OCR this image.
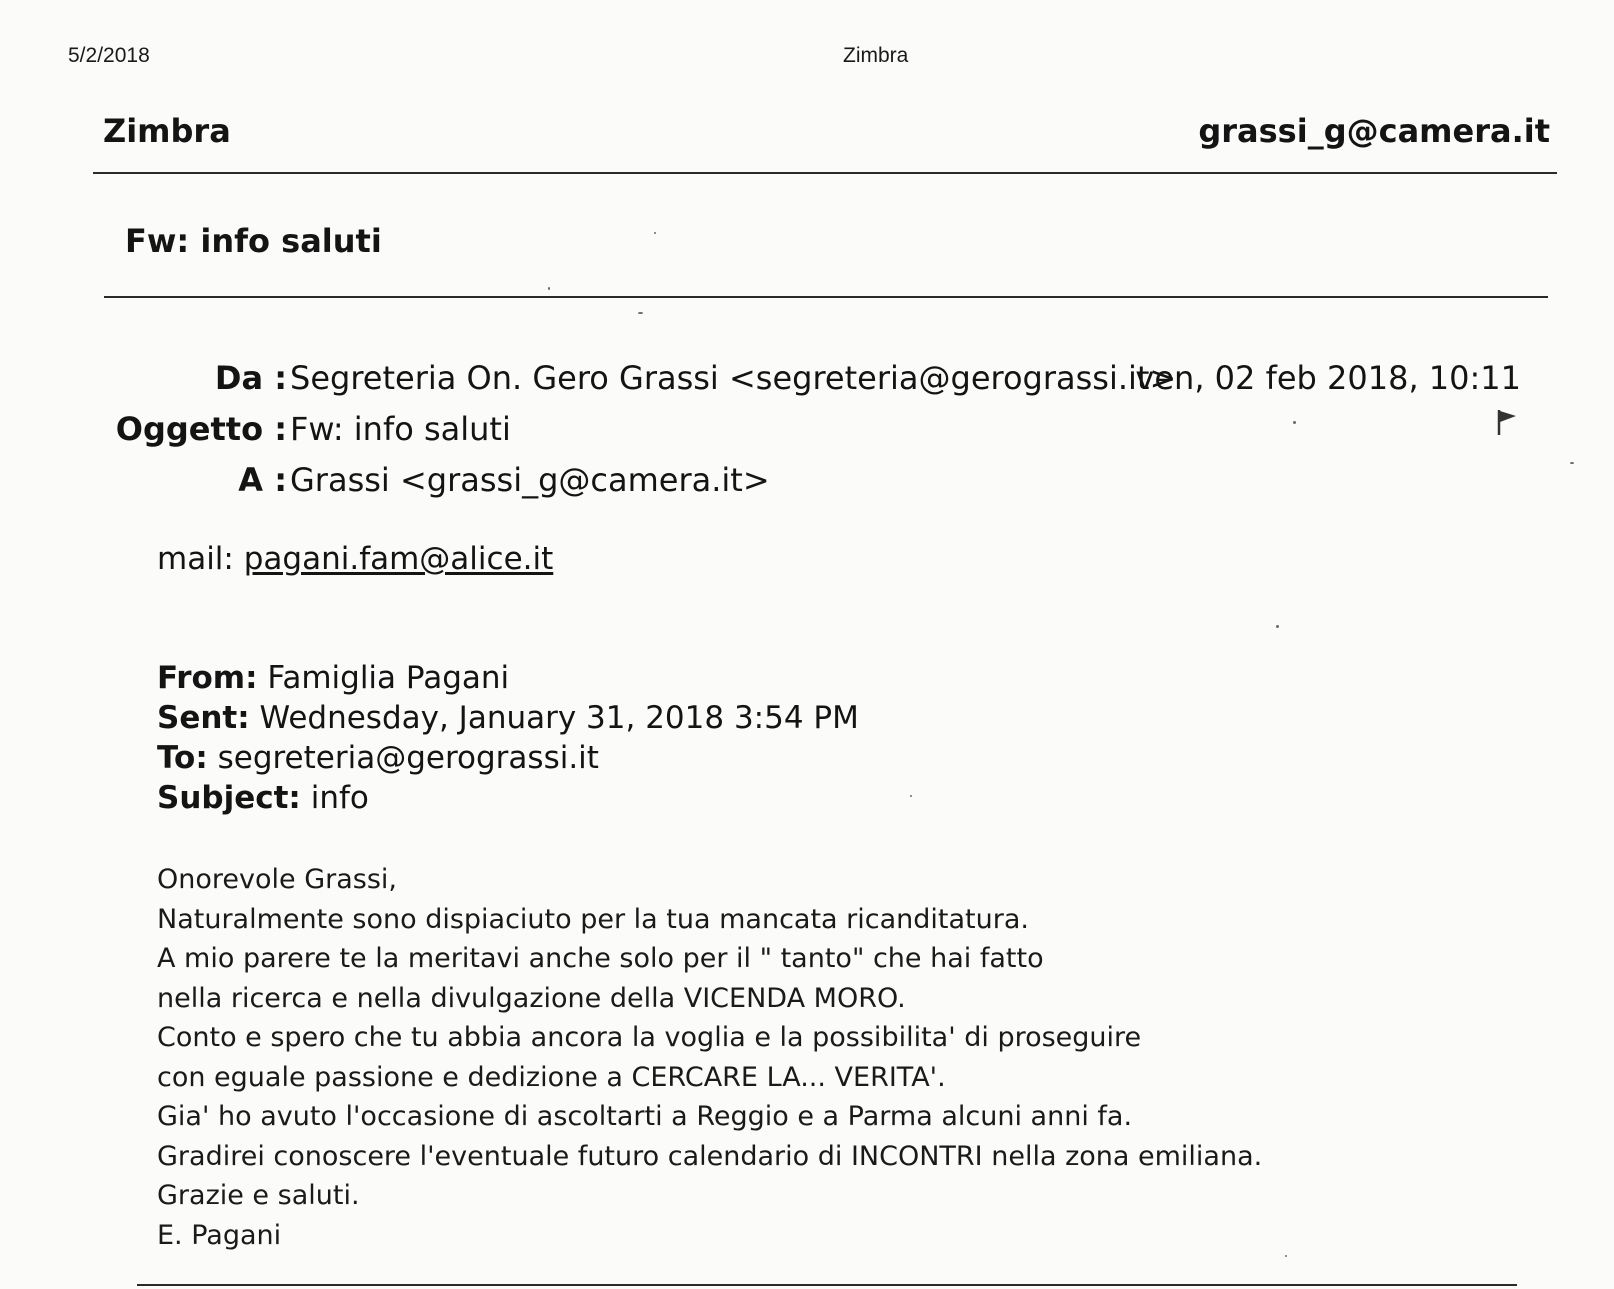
5/2/2018	Zimbra
Zimbra	grassi_g@camera.it
Fw: info saluti
Da : Segreteria On. Gero Grassi <segreteria@gerograssi.it>
ven, 02 feb 2018, 10:11
Oggetto : Fw: info saluti
A : Grassi <grassi_g@camera.it>
mail: pagani.fam@alice.it
From: Famiglia Pagani
Sent: Wednesday, January 31, 2018 3:54 PM
To: segreteria@gerograssi.it
Subject: info
Onorevole Grassi,
Naturalmente sono dispiaciuto per la tua mancata ricanditatura.
A mio parere te la meritavi anche solo per il " tanto" che hai fatto
nella ricerca e nella divulgazione della VICENDA MORO.
Conto e spero che tu abbia ancora la voglia e la possibilita' di proseguire
con eguale passione e dedizione a CERCARE LA... VERITA'.
Gia' ho avuto l'occasione di ascoltarti a Reggio e a Parma alcuni anni fa.
Gradirei conoscere l'eventuale futuro calendario di INCONTRI nella zona emiliana.
Grazie e saluti.
E. Pagani
